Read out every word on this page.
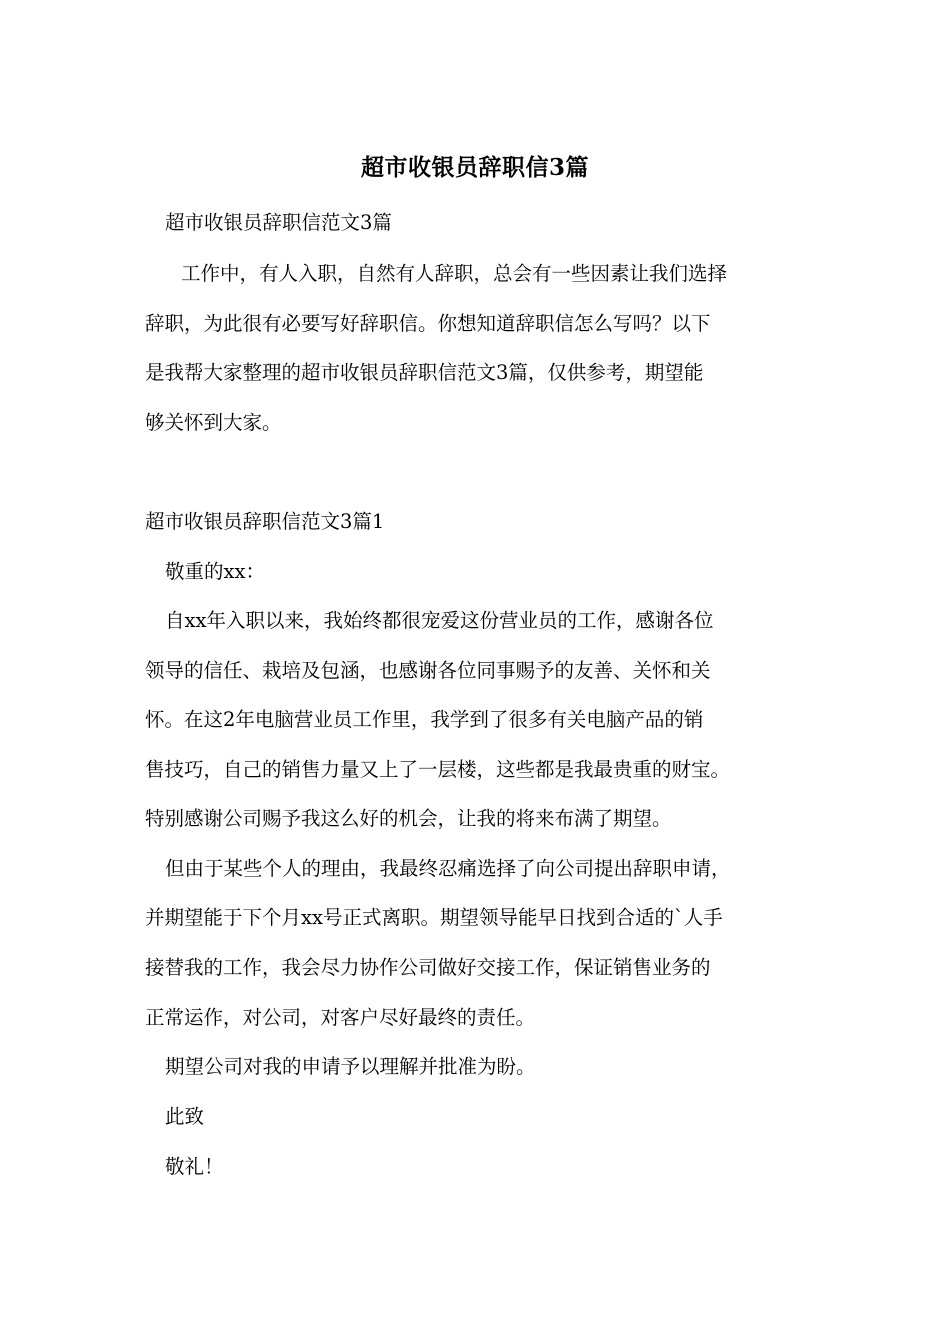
超市收银员辞职信3篇
超市收银员辞职信范文3篇
工作中，有人入职，自然有人辞职，总会有一些因素让我们选择
辞职，为此很有必要写好辞职信。你想知道辞职信怎么写吗？以下
是我帮大家整理的超市收银员辞职信范文3篇，仅供参考，期望能
够关怀到大家。
超市收银员辞职信范文3篇1
敬重的xx：
自xx年入职以来，我始终都很宠爱这份营业员的工作，感谢各位
领导的信任、栽培及包涵，也感谢各位同事赐予的友善、关怀和关
怀。在这2年电脑营业员工作里，我学到了很多有关电脑产品的销
售技巧，自己的销售力量又上了一层楼，这些都是我最贵重的财宝。
特别感谢公司赐予我这么好的机会，让我的将来布满了期望。
但由于某些个人的理由，我最终忍痛选择了向公司提出辞职申请，
并期望能于下个月xx号正式离职。期望领导能早日找到合适的`人手
接替我的工作，我会尽力协作公司做好交接工作，保证销售业务的
正常运作，对公司，对客户尽好最终的责任。
期望公司对我的申请予以理解并批准为盼。
此致
敬礼！
